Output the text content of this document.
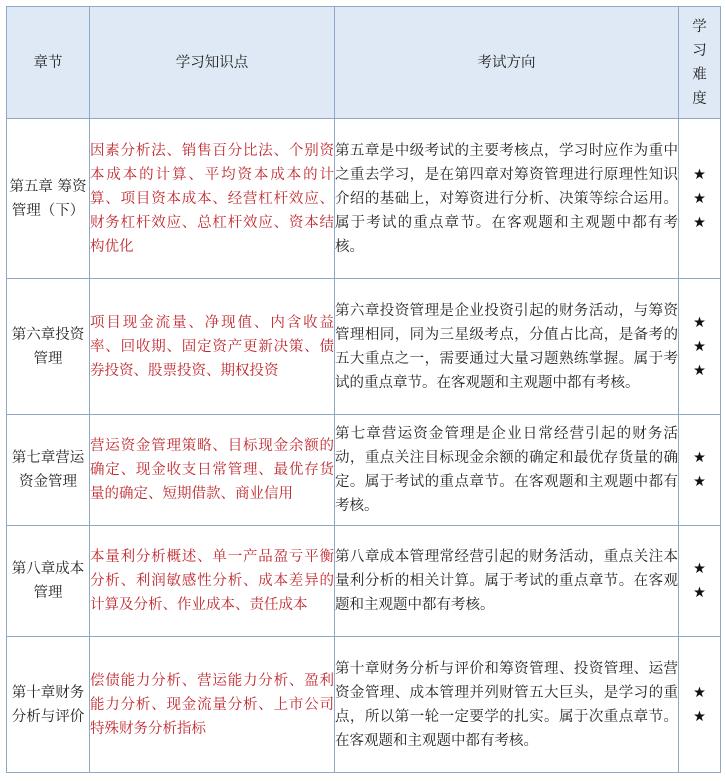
章节	学习知识点	考试方向	学
习
难
度

第五章 筹资管理（下）	因素分析法、销售百分比法、个别资本成本的计算、平均资本成本的计算、项目资本成本、经营杠杆效应、财务杠杆效应、总杠杆效应、资本结构优化	第五章是中级考试的主要考核点，学习时应作为重中之重去学习，是在第四章对筹资管理进行原理性知识介绍的基础上，对筹资进行分析、决策等综合运用。属于考试的重点章节。在客观题和主观题中都有考核。	★
★
★

第六章投资管理	项目现金流量、净现值、内含收益率、回收期、固定资产更新决策、债券投资、股票投资、期权投资	第六章投资管理是企业投资引起的财务活动，与筹资管理相同，同为三星级考点，分值占比高，是备考的五大重点之一，需要通过大量习题熟练掌握。属于考试的重点章节。在客观题和主观题中都有考核。	★
★
★

第七章营运资金管理	营运资金管理策略、目标现金余额的确定、现金收支日常管理、最优存货量的确定、短期借款、商业信用	第七章营运资金管理是企业日常经营引起的财务活动，重点关注目标现金余额的确定和最优存货量的确定。属于考试的重点章节。在客观题和主观题中都有考核。	★
★

第八章成本管理	本量利分析概述、单一产品盈亏平衡分析、利润敏感性分析、成本差异的计算及分析、作业成本、责任成本	第八章成本管理常经营引起的财务活动，重点关注本量利分析的相关计算。属于考试的重点章节。在客观题和主观题中都有考核。	★
★

第十章财务分析与评价	偿债能力分析、营运能力分析、盈利能力分析、现金流量分析、上市公司特殊财务分析指标	第十章财务分析与评价和筹资管理、投资管理、运营资金管理、成本管理并列财管五大巨头，是学习的重点，所以第一轮一定要学的扎实。属于次重点章节。在客观题和主观题中都有考核。	★
★
